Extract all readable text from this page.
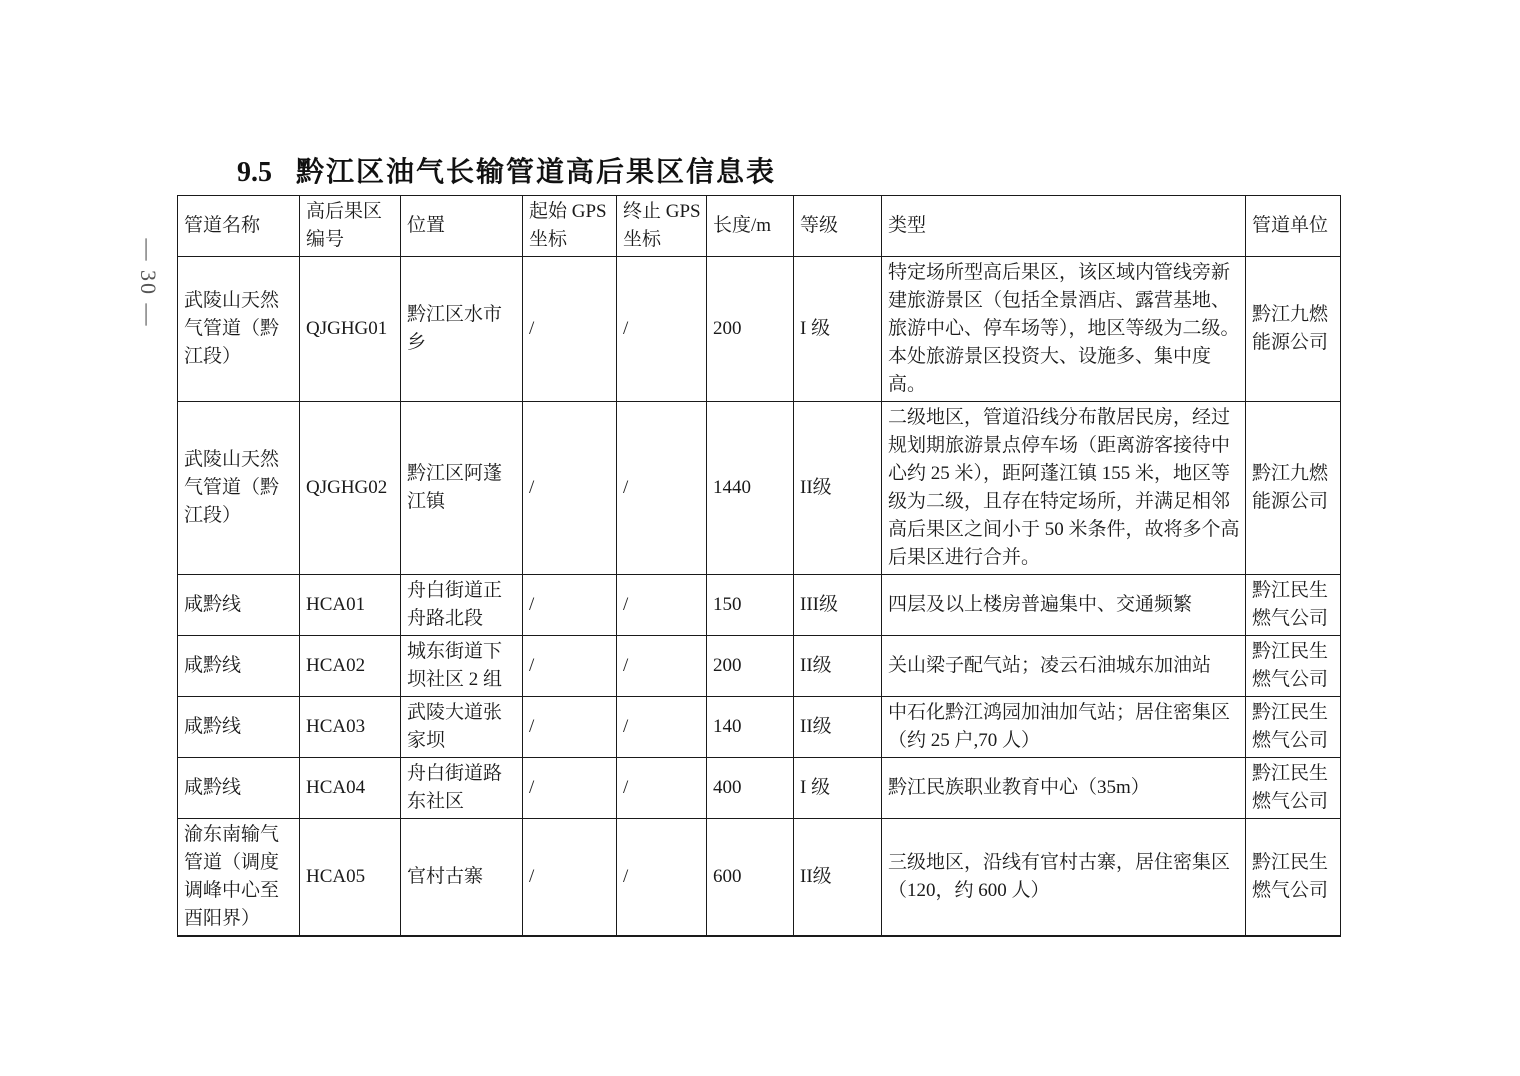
— 30 —
9.5 黔江区油气长输管道高后果区信息表
管道名称	高后果区编号	位置	起始 GPS 坐标	终止 GPS 坐标	长度/m	等级	类型	管道单位
武陵山天然气管道（黔江段）	QJGHG01	黔江区水市乡	/	/	200	I 级	特定场所型高后果区，该区域内管线旁新建旅游景区（包括全景酒店、露营基地、旅游中心、停车场等），地区等级为二级。本处旅游景区投资大、设施多、集中度高。	黔江九燃能源公司
武陵山天然气管道（黔江段）	QJGHG02	黔江区阿蓬江镇	/	/	1440	II级	二级地区，管道沿线分布散居民房，经过规划期旅游景点停车场（距离游客接待中心约 25 米），距阿蓬江镇 155 米，地区等级为二级，且存在特定场所，并满足相邻高后果区之间小于 50 米条件，故将多个高后果区进行合并。	黔江九燃能源公司
咸黔线	HCA01	舟白街道正舟路北段	/	/	150	III级	四层及以上楼房普遍集中、交通频繁	黔江民生燃气公司
咸黔线	HCA02	城东街道下坝社区 2 组	/	/	200	II级	关山梁子配气站；凌云石油城东加油站	黔江民生燃气公司
咸黔线	HCA03	武陵大道张家坝	/	/	140	II级	中石化黔江鸿园加油加气站；居住密集区（约 25 户,70 人）	黔江民生燃气公司
咸黔线	HCA04	舟白街道路东社区	/	/	400	I 级	黔江民族职业教育中心（35m）	黔江民生燃气公司
渝东南输气管道（调度调峰中心至酉阳界）	HCA05	官村古寨	/	/	600	II级	三级地区，沿线有官村古寨，居住密集区（120，约 600 人）	黔江民生燃气公司
